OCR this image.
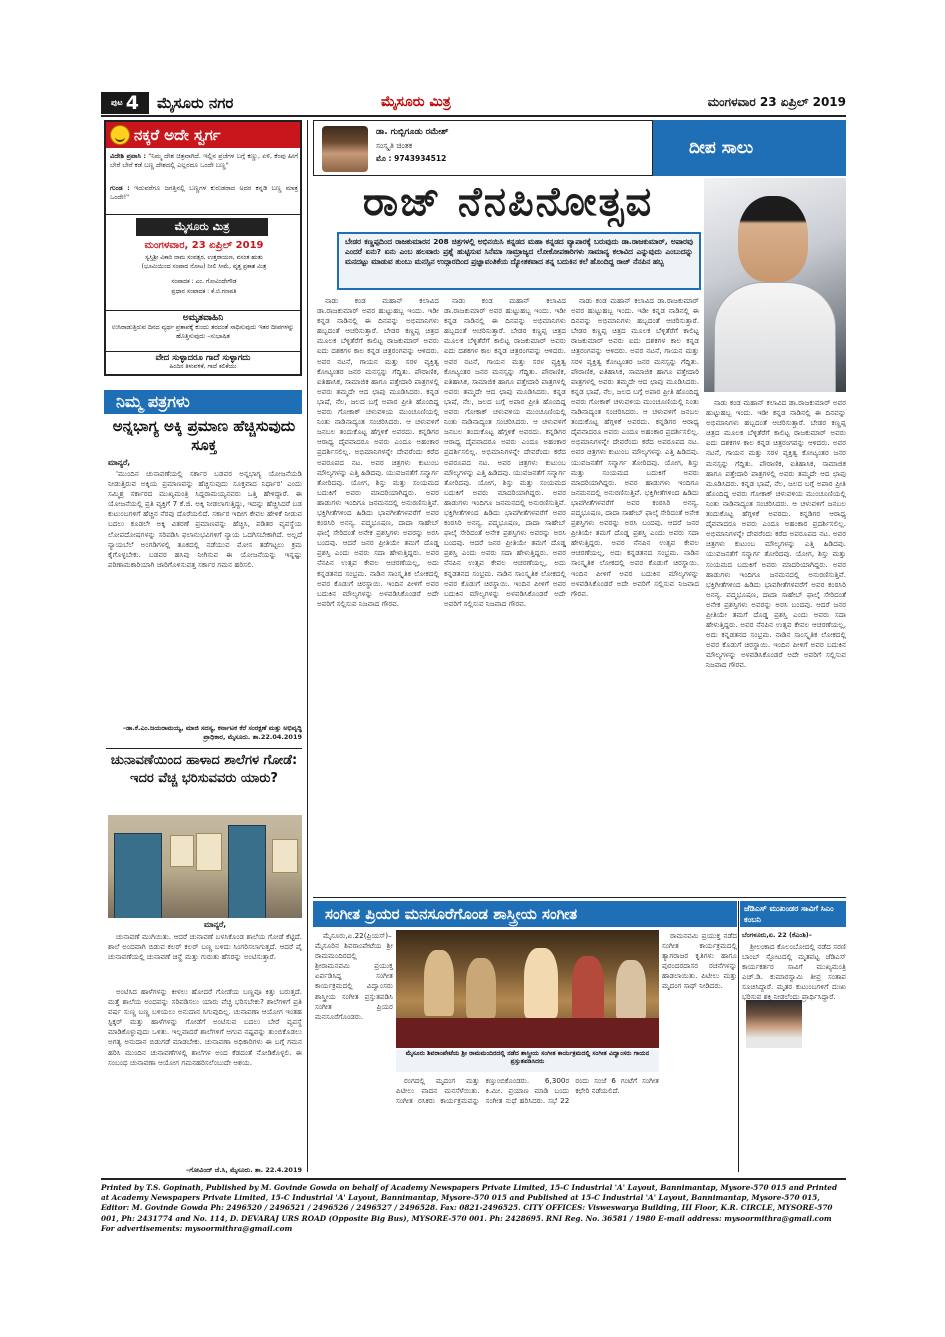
ಪುಟ 4 ಮೈಸೂರು ನಗರ	ಮೈಸೂರು ಮಿತ್ರ	ಮಂಗಳವಾರ 23 ಏಪ್ರಿಲ್ 2019
ನಕ್ಕರೆ ಅದೇ ಸ್ವರ್ಗ
ವಿದೇಶಿ ಪ್ರವಾಸಿ : "ನಿಮ್ಮ ದೇಶ ಚಿತ್ರವಾಗಿದೆ. ಇಲ್ಲಿನ ಪ್ರಜೆಗಳ ಬಗ್ಗೆ ಕಣ್ಣು, ಏಳಿ, ಕೆಂಪು ಹೀಗೆ ಬೇರೆ ಬೇರೆ ಕಡೆ ಬಣ್ಣ ದೇಶದಲ್ಲಿ ಎಲ್ಲರದೂ ಒಂದೇ ಬಣ್ಣ"
ಗುಂಡ : ಇದುವರೆಗೂ ಜಗತ್ತಿನಲ್ಲಿ ಬಣ್ಣಗಳ ಕುರುಡರಾದ ಅದರ ಕನ್ನಡಿ ಬಣ್ಣ ಮಾತ್ರ ಒಂದೇ!"
ಮೈಸೂರು ಮಿತ್ರ
ಮಂಗಳವಾರ, 23 ಏಪ್ರಿಲ್ 2019
ಸ್ವಸ್ತಿಶ್ರೀ ವಿಕಾರಿ ನಾಮ ಸಂವತ್ಸರ, ಉತ್ತರಾಯಣ, ವಸಂತ ಋತು
(ಭೂಮಿಯಿಂದ ಸಂಪಾದ ನೋಟ) ನೀಲಿ ಸೀಮೆ, ವೃತ್ತ ಪ್ರಕಾಶ ಮಿತ್ರ
ಸಂಪಾದಕ : ಎಂ. ಗೋವಿಂದೇಗೌಡ
ಪ್ರಧಾನ ಸಂಪಾದಕ : ಕೆ.ಬಿ.ಗಣಪತಿ
ಅಮೃತವಾಹಿನಿ
ಉಸಿರಾಡುತ್ತಿರುವ ದಿನದ ವ್ಯರ್ಥ ಪ್ರತಾಪಕ್ಕೆ ಕುಂದು ತರದಂತೆ ಸಾಧಿಸುವುದು ಇತರ ದೀಪಗಳನ್ನು ಹೊತ್ತಿಸುವುದು –ಸುಭಾಷಿತ
ವೇದ ಸುಳ್ಳಾದರೂ ಗಾದೆ ಸುಳ್ಳಾಗದು
ಹಿಂದಿನ ತಿಳುವಳಿಕೆ, ಗಾದೆ ಕಲಿಕೆಯು
ನಿಮ್ಮ ಪತ್ರಗಳು
ಅನ್ನಭಾಗ್ಯ ಅಕ್ಕಿ ಪ್ರಮಾಣ ಹೆಚ್ಚಿಸುವುದು ಸೂಕ್ತ
ಮಾನ್ಯರೆ,

'ಮುಂದಿನ ಚುನಾವಣೆಯಲ್ಲಿ ಸರ್ಕಾರ ಬಡವರ ಅನ್ನಭಾಗ್ಯ ಯೋಜನೆಯಡಿ ನೀಡುತ್ತಿರುವ ಅಕ್ಕಿಯ ಪ್ರಮಾಣವನ್ನು ಹೆಚ್ಚಿಸುವುದು ಸೂಕ್ತವಾದ ನಿರ್ಧಾರ' ಎಂದು ಸಮ್ಮಿಶ್ರ ಸರ್ಕಾರದ ಮುಖ್ಯಮಂತ್ರಿ ಸಿದ್ದರಾಮಯ್ಯನವರು ಒತ್ತಿ ಹೇಳಿದ್ದಾರೆ. ಈ ಯೋಜನೆಯಲ್ಲಿ ಪ್ರತಿ ವ್ಯಕ್ತಿಗೆ 7 ಕೆ.ಜಿ. ಅಕ್ಕಿ ನೀಡಲಾಗುತ್ತಿದ್ದು, ಇದನ್ನು ಹೆಚ್ಚಿಸಿದರೆ ಬಡ ಕುಟುಂಬಗಳಿಗೆ ಹೆಚ್ಚಿನ ನೆರವು ದೊರೆಯಲಿದೆ. ಸರ್ಕಾರ ಇದೀಗ ಕೇವಲ ಹೇಳಿಕೆ ನೀಡುವ ಬದಲು ಕೂಡಲೇ ಅಕ್ಕಿ ವಿತರಣೆ ಪ್ರಮಾಣವನ್ನು ಹೆಚ್ಚಿಸಿ, ಪಡಿತರ ವ್ಯವಸ್ಥೆಯ ಲೋಪದೋಷಗಳನ್ನು ಸರಿಪಡಿಸಿ ಫಲಾನುಭವಿಗಳಿಗೆ ನ್ಯಾಯ ಒದಗಿಸಬೇಕಾಗಿದೆ. ಅಲ್ಲದೆ ನ್ಯಾಯಬೆಲೆ ಅಂಗಡಿಗಳಲ್ಲಿ ತೂಕದಲ್ಲಿ ನಡೆಯುವ ಮೋಸ ತಡೆಗಟ್ಟಲು ಕ್ರಮ ಕೈಗೊಳ್ಳಬೇಕು. ಬಡವರ ಹಸಿವು ನೀಗಿಸುವ ಈ ಯೋಜನೆಯನ್ನು ಇನ್ನಷ್ಟು ಪರಿಣಾಮಕಾರಿಯಾಗಿ ಜಾರಿಗೊಳಿಸುವತ್ತ ಸರ್ಕಾರ ಗಮನ ಹರಿಸಲಿ.

–ಡಾ.ಕೆ.ಎಂ.ಜಯರಾಮಯ್ಯ, ಮಾಜಿ ಸದಸ್ಯ, ಕರ್ನಾಟಕ ಕೆರೆ ಸಂರಕ್ಷಣೆ ಮತ್ತು ಅಭಿವೃದ್ಧಿ ಪ್ರಾಧಿಕಾರ, ಮೈಸೂರು. ತಾ.22.04.2019
ಚುನಾವಣೆಯಿಂದ ಹಾಳಾದ ಶಾಲೆಗಳ ಗೋಡೆ: ಇದರ ವೆಚ್ಚ ಭರಿಸುವವರು ಯಾರು?
ಮಾನ್ಯರೆ,

ಚುನಾವಣೆ ಮುಗಿಯಿತು. ಆದರೆ ಚುನಾವಣೆ ಬಳಸಿಕೊಂಡ ಶಾಲೆಯ ಗೋಡೆ ಕೆಟ್ಟಿದೆ. ಶಾಲೆ ಅಂದವಾಗಿ ಬಿಡುವ ಕಲರ್ ಕಲರ್ ಬಣ್ಣ ಬಳಿದು ಸಿಂಗರಿಸಲಾಗುತ್ತದೆ. ಆದರೆ ಪೈ ಚುನಾವಣೆಯಲ್ಲಿ ಚುನಾವಣೆ ಚಿನ್ಹೆ ಮತ್ತು ಗುರುತು ಹೆಸರನ್ನು ಅಂಟಿಸುತ್ತಾರೆ.

ಅಂಟಿಸಿದ ಹಾಳೆಗಳನ್ನು ಕೀಳಲು ಹೋದರೆ ಗೋಡೆಯ ಬಣ್ಣವೂ ಕಿತ್ತು ಬರುತ್ತದೆ. ಮತ್ತೆ ಶಾಲೆಯ ಅಂದವನ್ನು ಸರಿಪಡಿಸಲು ಯಾರು ವೆಚ್ಚ ಭರಿಸಬೇಕು? ಶಾಲೆಗಳಿಗೆ ಪ್ರತಿ ವರ್ಷ ಸುಣ್ಣ ಬಣ್ಣ ಬಳಿಯಲು ಅನುದಾನ ಸಿಗುವುದಿಲ್ಲ. ಚುನಾವಣಾ ಆಯೋಗ ಇಂತಹ ಸ್ಟಿಕ್ಕರ್ ಮತ್ತು ಹಾಳೆಗಳನ್ನು ಗೋಡೆಗೆ ಅಂಟಿಸುವ ಬದಲು ಬೇರೆ ವ್ಯವಸ್ಥೆ ಮಾಡಿಕೊಳ್ಳುವುದು ಒಳಿತು. ಇಲ್ಲವಾದರೆ ಶಾಲೆಗಳಿಗೆ ಆಗುವ ನಷ್ಟವನ್ನು ತುಂಬಿಕೊಡಲು ಅಗತ್ಯ ಅನುದಾನ ಬಿಡುಗಡೆ ಮಾಡಬೇಕು. ಚುನಾವಣಾ ಅಧಿಕಾರಿಗಳು ಈ ಬಗ್ಗೆ ಗಮನ ಹರಿಸಿ ಮುಂದಿನ ಚುನಾವಣೆಗಳಲ್ಲಿ ಶಾಲೆಗಳ ಅಂದ ಕೆಡದಂತೆ ನೋಡಿಕೊಳ್ಳಲಿ. ಈ ಸಂಬಂಧ ಚುನಾವಣಾ ಆಯೋಗ ಗಮನಹರಿಸಲೆಂಬುದೇ ಆಶಯ.

–ಗೋವಿಂದ್ ಜೆ.ಸಿ, ಮೈಸೂರು. ತಾ. 22.4.2019
ಡಾ. ಗುಬ್ಬಿಗೂಡು ರಮೇಶ್
ಸಂಸ್ಕೃತಿ ಚಿಂತಕ
ಮೊ : 9743934512
ದೀಪ ಸಾಲು
ರಾಜ್ ನೆನಪಿನೋತ್ಸವ
ಬೇಡರ ಕಣ್ಣಪ್ಪದಿಂದ ರಾಜಕುಮಾರನ 208 ಚಿತ್ರಗಳಲ್ಲಿ ಅಭಿನಯಿಸಿ ಕನ್ನಡದ ಮಹಾ ಕನ್ನಡದ ವ್ಯಾಪಾರಕ್ಕೆ ಬರುವುದು ಡಾ.ರಾಜಕುಮಾರ್, ಅಪಾರವು ಎಂದರೆ ಏನು? ಏನು ಎಂಬ ಹಲವಾರು ಪ್ರಶ್ನೆ ಹುಟ್ಟಿಸುವ ಸಿನೆಮಾ ಸಾಮ್ರಾಜ್ಯದ ಲೋಕೋಪಕಾರಿಗಳು ಸಾಮಾನ್ಯ ಕಲಾವಿದ ಎನ್ನುವುದು ಎಂಬುದನ್ನು ಮನದಟ್ಟು ಮಾಡುವ ತುಂಬು ಮನಸ್ಸಿನ ಉದ್ಗಾರದಿಂದ ಪ್ರಜ್ಞಾವಂತಿಕೆಯ ದ್ಯೋತಕವಾದ ತನ್ನ ಬದುಕಿನ ಕಲೆ ಹೊಂದಿದ್ದ ರಾಜ್ ನೆನಪಿನ ಹಬ್ಬ

ನಾಡು ಕಂಡ ಮಹಾನ್ ಕಲಾವಿದ ಡಾ.ರಾಜಕುಮಾರ್ ಅವರ ಹುಟ್ಟುಹಬ್ಬ ಇಂದು. ಇಡೀ ಕನ್ನಡ ನಾಡಿನಲ್ಲಿ ಈ ದಿನವನ್ನು ಅಭಿಮಾನಿಗಳು ಹಬ್ಬದಂತೆ ಆಚರಿಸುತ್ತಾರೆ. ಬೇಡರ ಕಣ್ಣಪ್ಪ ಚಿತ್ರದ ಮೂಲಕ ಬೆಳ್ಳಿತೆರೆಗೆ ಕಾಲಿಟ್ಟ ರಾಜಕುಮಾರ್ ಅವರು ಐದು ದಶಕಗಳ ಕಾಲ ಕನ್ನಡ ಚಿತ್ರರಂಗವನ್ನು ಆಳಿದರು. ಅವರ ನಟನೆ, ಗಾಯನ ಮತ್ತು ಸರಳ ವ್ಯಕ್ತಿತ್ವ ಕೋಟ್ಯಂತರ ಜನರ ಮನಸ್ಸನ್ನು ಗೆದ್ದಿತು. ಪೌರಾಣಿಕ, ಐತಿಹಾಸಿಕ, ಸಾಮಾಜಿಕ ಹಾಗೂ ಪತ್ತೇದಾರಿ ಪಾತ್ರಗಳಲ್ಲಿ ಅವರು ತಮ್ಮದೇ ಆದ ಛಾಪು ಮೂಡಿಸಿದರು. ಕನ್ನಡ ಭಾಷೆ, ನೆಲ, ಜಲದ ಬಗ್ಗೆ ಅಪಾರ ಪ್ರೀತಿ ಹೊಂದಿದ್ದ ಅವರು ಗೋಕಾಕ್ ಚಳುವಳಿಯ ಮುಂಚೂಣಿಯಲ್ಲಿ ನಿಂತು ನಾಡಿನಾದ್ಯಂತ ಸಂಚರಿಸಿದರು. ಆ ಚಳುವಳಿಗೆ ಜನಬಲ ತಂದುಕೊಟ್ಟ ಹೆಗ್ಗಳಿಕೆ ಅವರದು. ಕನ್ನಡಿಗರ ಆರಾಧ್ಯ ದೈವವಾದರೂ ಅವರು ಎಂದೂ ಅಹಂಕಾರ ಪ್ರದರ್ಶಿಸಲಿಲ್ಲ. ಅಭಿಮಾನಿಗಳನ್ನೇ ದೇವರೆಂದು ಕರೆದ ಅಪರೂಪದ ನಟ. ಅವರ ಚಿತ್ರಗಳು ಕುಟುಂಬ ಮೌಲ್ಯಗಳನ್ನು ಎತ್ತಿ ಹಿಡಿದವು. ಯುವಜನತೆಗೆ ಸನ್ಮಾರ್ಗ ತೋರಿದವು. ಯೋಗ, ಶಿಸ್ತು ಮತ್ತು ಸಂಯಮದ ಬದುಕಿಗೆ ಅವರು ಮಾದರಿಯಾಗಿದ್ದರು. ಅವರ ಹಾಡುಗಳು ಇಂದಿಗೂ ಜನಮನದಲ್ಲಿ ಅನುರಣಿಸುತ್ತಿವೆ. ಭಕ್ತಿಗೀತೆಗಳಿಂದ ಹಿಡಿದು ಭಾವಗೀತೆಗಳವರೆಗೆ ಅವರ ಕಂಠಸಿರಿ ಅನನ್ಯ. ಪದ್ಮಭೂಷಣ, ದಾದಾ ಸಾಹೇಬ್ ಫಾಲ್ಕೆ ಸೇರಿದಂತೆ ಅನೇಕ ಪ್ರಶಸ್ತಿಗಳು ಅವರನ್ನು ಅರಸಿ ಬಂದವು. ಆದರೆ ಜನರ ಪ್ರೀತಿಯೇ ತಮಗೆ ದೊಡ್ಡ ಪ್ರಶಸ್ತಿ ಎಂದು ಅವರು ಸದಾ ಹೇಳುತ್ತಿದ್ದರು. ಅವರ ನೆನಪಿನ ಉತ್ಸವ ಕೇವಲ ಆಚರಣೆಯಲ್ಲ, ಅದು ಕನ್ನಡತನದ ಸಂಭ್ರಮ. ನಾಡಿನ ಸಾಂಸ್ಕೃತಿಕ ಲೋಕದಲ್ಲಿ ಅವರ ಕೊಡುಗೆ ಚಿರಸ್ಥಾಯಿ. ಇಂದಿನ ಪೀಳಿಗೆ ಅವರ ಬದುಕಿನ ಮೌಲ್ಯಗಳನ್ನು ಅಳವಡಿಸಿಕೊಂಡರೆ ಅದೇ ಅವರಿಗೆ ಸಲ್ಲಿಸುವ ನಿಜವಾದ ಗೌರವ.

ನಾಡು ಕಂಡ ಮಹಾನ್ ಕಲಾವಿದ ಡಾ.ರಾಜಕುಮಾರ್ ಅವರ ಹುಟ್ಟುಹಬ್ಬ ಇಂದು. ಇಡೀ ಕನ್ನಡ ನಾಡಿನಲ್ಲಿ ಈ ದಿನವನ್ನು ಅಭಿಮಾನಿಗಳು ಹಬ್ಬದಂತೆ ಆಚರಿಸುತ್ತಾರೆ. ಬೇಡರ ಕಣ್ಣಪ್ಪ ಚಿತ್ರದ ಮೂಲಕ ಬೆಳ್ಳಿತೆರೆಗೆ ಕಾಲಿಟ್ಟ ರಾಜಕುಮಾರ್ ಅವರು ಐದು ದಶಕಗಳ ಕಾಲ ಕನ್ನಡ ಚಿತ್ರರಂಗವನ್ನು ಆಳಿದರು. ಅವರ ನಟನೆ, ಗಾಯನ ಮತ್ತು ಸರಳ ವ್ಯಕ್ತಿತ್ವ ಕೋಟ್ಯಂತರ ಜನರ ಮನಸ್ಸನ್ನು ಗೆದ್ದಿತು. ಪೌರಾಣಿಕ, ಐತಿಹಾಸಿಕ, ಸಾಮಾಜಿಕ ಹಾಗೂ ಪತ್ತೇದಾರಿ ಪಾತ್ರಗಳಲ್ಲಿ ಅವರು ತಮ್ಮದೇ ಆದ ಛಾಪು ಮೂಡಿಸಿದರು. ಕನ್ನಡ ಭಾಷೆ, ನೆಲ, ಜಲದ ಬಗ್ಗೆ ಅಪಾರ ಪ್ರೀತಿ ಹೊಂದಿದ್ದ ಅವರು ಗೋಕಾಕ್ ಚಳುವಳಿಯ ಮುಂಚೂಣಿಯಲ್ಲಿ ನಿಂತು ನಾಡಿನಾದ್ಯಂತ ಸಂಚರಿಸಿದರು. ಆ ಚಳುವಳಿಗೆ ಜನಬಲ ತಂದುಕೊಟ್ಟ ಹೆಗ್ಗಳಿಕೆ ಅವರದು. ಕನ್ನಡಿಗರ ಆರಾಧ್ಯ ದೈವವಾದರೂ ಅವರು ಎಂದೂ ಅಹಂಕಾರ ಪ್ರದರ್ಶಿಸಲಿಲ್ಲ. ಅಭಿಮಾನಿಗಳನ್ನೇ ದೇವರೆಂದು ಕರೆದ ಅಪರೂಪದ ನಟ. ಅವರ ಚಿತ್ರಗಳು ಕುಟುಂಬ ಮೌಲ್ಯಗಳನ್ನು ಎತ್ತಿ ಹಿಡಿದವು. ಯುವಜನತೆಗೆ ಸನ್ಮಾರ್ಗ ತೋರಿದವು. ಯೋಗ, ಶಿಸ್ತು ಮತ್ತು ಸಂಯಮದ ಬದುಕಿಗೆ ಅವರು ಮಾದರಿಯಾಗಿದ್ದರು. ಅವರ ಹಾಡುಗಳು ಇಂದಿಗೂ ಜನಮನದಲ್ಲಿ ಅನುರಣಿಸುತ್ತಿವೆ. ಭಕ್ತಿಗೀತೆಗಳಿಂದ ಹಿಡಿದು ಭಾವಗೀತೆಗಳವರೆಗೆ ಅವರ ಕಂಠಸಿರಿ ಅನನ್ಯ. ಪದ್ಮಭೂಷಣ, ದಾದಾ ಸಾಹೇಬ್ ಫಾಲ್ಕೆ ಸೇರಿದಂತೆ ಅನೇಕ ಪ್ರಶಸ್ತಿಗಳು ಅವರನ್ನು ಅರಸಿ ಬಂದವು. ಆದರೆ ಜನರ ಪ್ರೀತಿಯೇ ತಮಗೆ ದೊಡ್ಡ ಪ್ರಶಸ್ತಿ ಎಂದು ಅವರು ಸದಾ ಹೇಳುತ್ತಿದ್ದರು. ಅವರ ನೆನಪಿನ ಉತ್ಸವ ಕೇವಲ ಆಚರಣೆಯಲ್ಲ, ಅದು ಕನ್ನಡತನದ ಸಂಭ್ರಮ. ನಾಡಿನ ಸಾಂಸ್ಕೃತಿಕ ಲೋಕದಲ್ಲಿ ಅವರ ಕೊಡುಗೆ ಚಿರಸ್ಥಾಯಿ. ಇಂದಿನ ಪೀಳಿಗೆ ಅವರ ಬದುಕಿನ ಮೌಲ್ಯಗಳನ್ನು ಅಳವಡಿಸಿಕೊಂಡರೆ ಅದೇ ಅವರಿಗೆ ಸಲ್ಲಿಸುವ ನಿಜವಾದ ಗೌರವ.

ನಾಡು ಕಂಡ ಮಹಾನ್ ಕಲಾವಿದ ಡಾ.ರಾಜಕುಮಾರ್ ಅವರ ಹುಟ್ಟುಹಬ್ಬ ಇಂದು. ಇಡೀ ಕನ್ನಡ ನಾಡಿನಲ್ಲಿ ಈ ದಿನವನ್ನು ಅಭಿಮಾನಿಗಳು ಹಬ್ಬದಂತೆ ಆಚರಿಸುತ್ತಾರೆ. ಬೇಡರ ಕಣ್ಣಪ್ಪ ಚಿತ್ರದ ಮೂಲಕ ಬೆಳ್ಳಿತೆರೆಗೆ ಕಾಲಿಟ್ಟ ರಾಜಕುಮಾರ್ ಅವರು ಐದು ದಶಕಗಳ ಕಾಲ ಕನ್ನಡ ಚಿತ್ರರಂಗವನ್ನು ಆಳಿದರು. ಅವರ ನಟನೆ, ಗಾಯನ ಮತ್ತು ಸರಳ ವ್ಯಕ್ತಿತ್ವ ಕೋಟ್ಯಂತರ ಜನರ ಮನಸ್ಸನ್ನು ಗೆದ್ದಿತು. ಪೌರಾಣಿಕ, ಐತಿಹಾಸಿಕ, ಸಾಮಾಜಿಕ ಹಾಗೂ ಪತ್ತೇದಾರಿ ಪಾತ್ರಗಳಲ್ಲಿ ಅವರು ತಮ್ಮದೇ ಆದ ಛಾಪು ಮೂಡಿಸಿದರು. ಕನ್ನಡ ಭಾಷೆ, ನೆಲ, ಜಲದ ಬಗ್ಗೆ ಅಪಾರ ಪ್ರೀತಿ ಹೊಂದಿದ್ದ ಅವರು ಗೋಕಾಕ್ ಚಳುವಳಿಯ ಮುಂಚೂಣಿಯಲ್ಲಿ ನಿಂತು ನಾಡಿನಾದ್ಯಂತ ಸಂಚರಿಸಿದರು. ಆ ಚಳುವಳಿಗೆ ಜನಬಲ ತಂದುಕೊಟ್ಟ ಹೆಗ್ಗಳಿಕೆ ಅವರದು. ಕನ್ನಡಿಗರ ಆರಾಧ್ಯ ದೈವವಾದರೂ ಅವರು ಎಂದೂ ಅಹಂಕಾರ ಪ್ರದರ್ಶಿಸಲಿಲ್ಲ. ಅಭಿಮಾನಿಗಳನ್ನೇ ದೇವರೆಂದು ಕರೆದ ಅಪರೂಪದ ನಟ. ಅವರ ಚಿತ್ರಗಳು ಕುಟುಂಬ ಮೌಲ್ಯಗಳನ್ನು ಎತ್ತಿ ಹಿಡಿದವು. ಯುವಜನತೆಗೆ ಸನ್ಮಾರ್ಗ ತೋರಿದವು. ಯೋಗ, ಶಿಸ್ತು ಮತ್ತು ಸಂಯಮದ ಬದುಕಿಗೆ ಅವರು ಮಾದರಿಯಾಗಿದ್ದರು. ಅವರ ಹಾಡುಗಳು ಇಂದಿಗೂ ಜನಮನದಲ್ಲಿ ಅನುರಣಿಸುತ್ತಿವೆ. ಭಕ್ತಿಗೀತೆಗಳಿಂದ ಹಿಡಿದು ಭಾವಗೀತೆಗಳವರೆಗೆ ಅವರ ಕಂಠಸಿರಿ ಅನನ್ಯ. ಪದ್ಮಭೂಷಣ, ದಾದಾ ಸಾಹೇಬ್ ಫಾಲ್ಕೆ ಸೇರಿದಂತೆ ಅನೇಕ ಪ್ರಶಸ್ತಿಗಳು ಅವರನ್ನು ಅರಸಿ ಬಂದವು. ಆದರೆ ಜನರ ಪ್ರೀತಿಯೇ ತಮಗೆ ದೊಡ್ಡ ಪ್ರಶಸ್ತಿ ಎಂದು ಅವರು ಸದಾ ಹೇಳುತ್ತಿದ್ದರು. ಅವರ ನೆನಪಿನ ಉತ್ಸವ ಕೇವಲ ಆಚರಣೆಯಲ್ಲ, ಅದು ಕನ್ನಡತನದ ಸಂಭ್ರಮ. ನಾಡಿನ ಸಾಂಸ್ಕೃತಿಕ ಲೋಕದಲ್ಲಿ ಅವರ ಕೊಡುಗೆ ಚಿರಸ್ಥಾಯಿ. ಇಂದಿನ ಪೀಳಿಗೆ ಅವರ ಬದುಕಿನ ಮೌಲ್ಯಗಳನ್ನು ಅಳವಡಿಸಿಕೊಂಡರೆ ಅದೇ ಅವರಿಗೆ ಸಲ್ಲಿಸುವ ನಿಜವಾದ ಗೌರವ.

ನಾಡು ಕಂಡ ಮಹಾನ್ ಕಲಾವಿದ ಡಾ.ರಾಜಕುಮಾರ್ ಅವರ ಹುಟ್ಟುಹಬ್ಬ ಇಂದು. ಇಡೀ ಕನ್ನಡ ನಾಡಿನಲ್ಲಿ ಈ ದಿನವನ್ನು ಅಭಿಮಾನಿಗಳು ಹಬ್ಬದಂತೆ ಆಚರಿಸುತ್ತಾರೆ. ಬೇಡರ ಕಣ್ಣಪ್ಪ ಚಿತ್ರದ ಮೂಲಕ ಬೆಳ್ಳಿತೆರೆಗೆ ಕಾಲಿಟ್ಟ ರಾಜಕುಮಾರ್ ಅವರು ಐದು ದಶಕಗಳ ಕಾಲ ಕನ್ನಡ ಚಿತ್ರರಂಗವನ್ನು ಆಳಿದರು. ಅವರ ನಟನೆ, ಗಾಯನ ಮತ್ತು ಸರಳ ವ್ಯಕ್ತಿತ್ವ ಕೋಟ್ಯಂತರ ಜನರ ಮನಸ್ಸನ್ನು ಗೆದ್ದಿತು. ಪೌರಾಣಿಕ, ಐತಿಹಾಸಿಕ, ಸಾಮಾಜಿಕ ಹಾಗೂ ಪತ್ತೇದಾರಿ ಪಾತ್ರಗಳಲ್ಲಿ ಅವರು ತಮ್ಮದೇ ಆದ ಛಾಪು ಮೂಡಿಸಿದರು. ಕನ್ನಡ ಭಾಷೆ, ನೆಲ, ಜಲದ ಬಗ್ಗೆ ಅಪಾರ ಪ್ರೀತಿ ಹೊಂದಿದ್ದ ಅವರು ಗೋಕಾಕ್ ಚಳುವಳಿಯ ಮುಂಚೂಣಿಯಲ್ಲಿ ನಿಂತು ನಾಡಿನಾದ್ಯಂತ ಸಂಚರಿಸಿದರು. ಆ ಚಳುವಳಿಗೆ ಜನಬಲ ತಂದುಕೊಟ್ಟ ಹೆಗ್ಗಳಿಕೆ ಅವರದು. ಕನ್ನಡಿಗರ ಆರಾಧ್ಯ ದೈವವಾದರೂ ಅವರು ಎಂದೂ ಅಹಂಕಾರ ಪ್ರದರ್ಶಿಸಲಿಲ್ಲ. ಅಭಿಮಾನಿಗಳನ್ನೇ ದೇವರೆಂದು ಕರೆದ ಅಪರೂಪದ ನಟ. ಅವರ ಚಿತ್ರಗಳು ಕುಟುಂಬ ಮೌಲ್ಯಗಳನ್ನು ಎತ್ತಿ ಹಿಡಿದವು. ಯುವಜನತೆಗೆ ಸನ್ಮಾರ್ಗ ತೋರಿದವು. ಯೋಗ, ಶಿಸ್ತು ಮತ್ತು ಸಂಯಮದ ಬದುಕಿಗೆ ಅವರು ಮಾದರಿಯಾಗಿದ್ದರು. ಅವರ ಹಾಡುಗಳು ಇಂದಿಗೂ ಜನಮನದಲ್ಲಿ ಅನುರಣಿಸುತ್ತಿವೆ. ಭಕ್ತಿಗೀತೆಗಳಿಂದ ಹಿಡಿದು ಭಾವಗೀತೆಗಳವರೆಗೆ ಅವರ ಕಂಠಸಿರಿ ಅನನ್ಯ. ಪದ್ಮಭೂಷಣ, ದಾದಾ ಸಾಹೇಬ್ ಫಾಲ್ಕೆ ಸೇರಿದಂತೆ ಅನೇಕ ಪ್ರಶಸ್ತಿಗಳು ಅವರನ್ನು ಅರಸಿ ಬಂದವು. ಆದರೆ ಜನರ ಪ್ರೀತಿಯೇ ತಮಗೆ ದೊಡ್ಡ ಪ್ರಶಸ್ತಿ ಎಂದು ಅವರು ಸದಾ ಹೇಳುತ್ತಿದ್ದರು. ಅವರ ನೆನಪಿನ ಉತ್ಸವ ಕೇವಲ ಆಚರಣೆಯಲ್ಲ, ಅದು ಕನ್ನಡತನದ ಸಂಭ್ರಮ. ನಾಡಿನ ಸಾಂಸ್ಕೃತಿಕ ಲೋಕದಲ್ಲಿ ಅವರ ಕೊಡುಗೆ ಚಿರಸ್ಥಾಯಿ. ಇಂದಿನ ಪೀಳಿಗೆ ಅವರ ಬದುಕಿನ ಮೌಲ್ಯಗಳನ್ನು ಅಳವಡಿಸಿಕೊಂಡರೆ ಅದೇ ಅವರಿಗೆ ಸಲ್ಲಿಸುವ ನಿಜವಾದ ಗೌರವ.

ಸಂಗೀತ ಪ್ರಿಯರ ಮನಸೂರೆಗೊಂಡ ಶಾಸ್ತ್ರೀಯ ಸಂಗೀತ

ಮೈಸೂರು,ಏ.22(ಪ್ರಿಯಸ್)– ಮೈಸೂರಿನ ಶಿವರಾಂಪೇಟೆಯ ಶ್ರೀ ರಾಮಮಂದಿರದಲ್ಲಿ ಶ್ರೀರಾಮನವಮಿ ಪ್ರಯುಕ್ತ ಏರ್ಪಡಿಸಿದ್ದ ಸಂಗೀತ ಕಾರ್ಯಕ್ರಮದಲ್ಲಿ ವಿದ್ವಾಂಸರು ಶಾಸ್ತ್ರೀಯ ಸಂಗೀತ ಪ್ರಸ್ತುತಪಡಿಸಿ ಸಂಗೀತ ಪ್ರಿಯರ ಮನಸೂರೆಗೊಂಡರು.

ಮೈಸೂರು ಶಿವರಾಂಪೇಟೆಯ ಶ್ರೀ ರಾಮಮಂದಿರದಲ್ಲಿ ನಡೆದ ಶಾಸ್ತ್ರೀಯ ಸಂಗೀತ ಕಾರ್ಯಕ್ರಮದಲ್ಲಿ ಸಂಗೀತ ವಿದ್ವಾಂಸರು ಗಾಯನ ಪ್ರಸ್ತುತಪಡಿಸಿದರು

ರಾಮನವಮಿ ಪ್ರಯುಕ್ತ ನಡೆದ ಸಂಗೀತ ಕಾರ್ಯಕ್ರಮದಲ್ಲಿ ತ್ಯಾಗರಾಜರ ಕೃತಿಗಳು ಹಾಗೂ ಪುರಂದರದಾಸರ ರಚನೆಗಳನ್ನು ಹಾಡಲಾಯಿತು. ಪಿಟೀಲು ಮತ್ತು ಮೃದಂಗ ಸಾಥ್ ನೀಡಿದರು.

ರಂಗದಲ್ಲಿ ಮೃದಂಗ ಮತ್ತು ಪಿಟೀಲು ವಾದನ ಮನಸೆಳೆಯಿತು. ಸಂಗೀತ ರಸಿಕರು ಕಾರ್ಯಕ್ರಮವನ್ನು ಕಣ್ತುಂಬಿಕೊಂಡರು. 6,300ರ ಕಿ.ಮೀ. ಪ್ರಯಾಣ ಮಾಡಿ ಬಂದು ಸಂಗೀತ ಸುಧೆ ಹರಿಸಿದರು. ಸಭೆ 22 ರಂದು ಸಂಜೆ 6 ಗಂಟೆಗೆ ಸಂಗೀತ ಕಛೇರಿ ನಡೆಯಲಿದೆ.

ಜೆಡಿಎಸ್ ಮುಖಂಡರ ಸಾವಿಗೆ ಸಿಎಂ ಕಂಬನಿ
ಬೆಂಗಳೂರು,ಏ. 22 (ಕೆಎಂಶಿ)–

ಶ್ರೀಲಂಕಾದ ಕೊಲಂಬೋದಲ್ಲಿ ನಡೆದ ಸರಣಿ ಬಾಂಬ್ ಸ್ಫೋಟದಲ್ಲಿ ಮೃತಪಟ್ಟ ಜೆಡಿಎಸ್ ಕಾರ್ಯಕರ್ತರ ಸಾವಿಗೆ ಮುಖ್ಯಮಂತ್ರಿ ಎಚ್.ಡಿ. ಕುಮಾರಸ್ವಾಮಿ ತೀವ್ರ ಸಂತಾಪ ಸೂಚಿಸಿದ್ದಾರೆ. ಮೃತರ ಕುಟುಂಬಗಳಿಗೆ ದುಃಖ ಭರಿಸುವ ಶಕ್ತಿ ನೀಡಲೆಂದು ಪ್ರಾರ್ಥಿಸಿದ್ದಾರೆ.

Printed by T.S. Gopinath, Published by M. Govinde Gowda on behalf of Academy Newspapers Private Limited, 15-C Industrial 'A' Layout, Bannimantap, Mysore-570 015 and Printed at Academy Newspapers Private Limited, 15-C Industrial 'A' Layout, Bannimantap, Mysore-570 015 and Published at 15-C Industrial 'A' Layout, Bannimantap, Mysore-570 015, Editor: M. Govinde Gowda Ph: 2496520 / 2496521 / 2496526 / 2496527 / 2496528. Fax: 0821-2496525. CITY OFFICES: Visweswarya Building, III Floor, K.R. CIRCLE, MYSORE-570 001, Ph: 2431774 and No. 114, D. DEVARAJ URS ROAD (Opposite Big Bus), MYSORE-570 001. Ph: 2428695. RNI Reg. No. 36581 / 1980 E-mail address: mysoormithra@gmail.com For advertisements: mysoormithra@gmail.com
